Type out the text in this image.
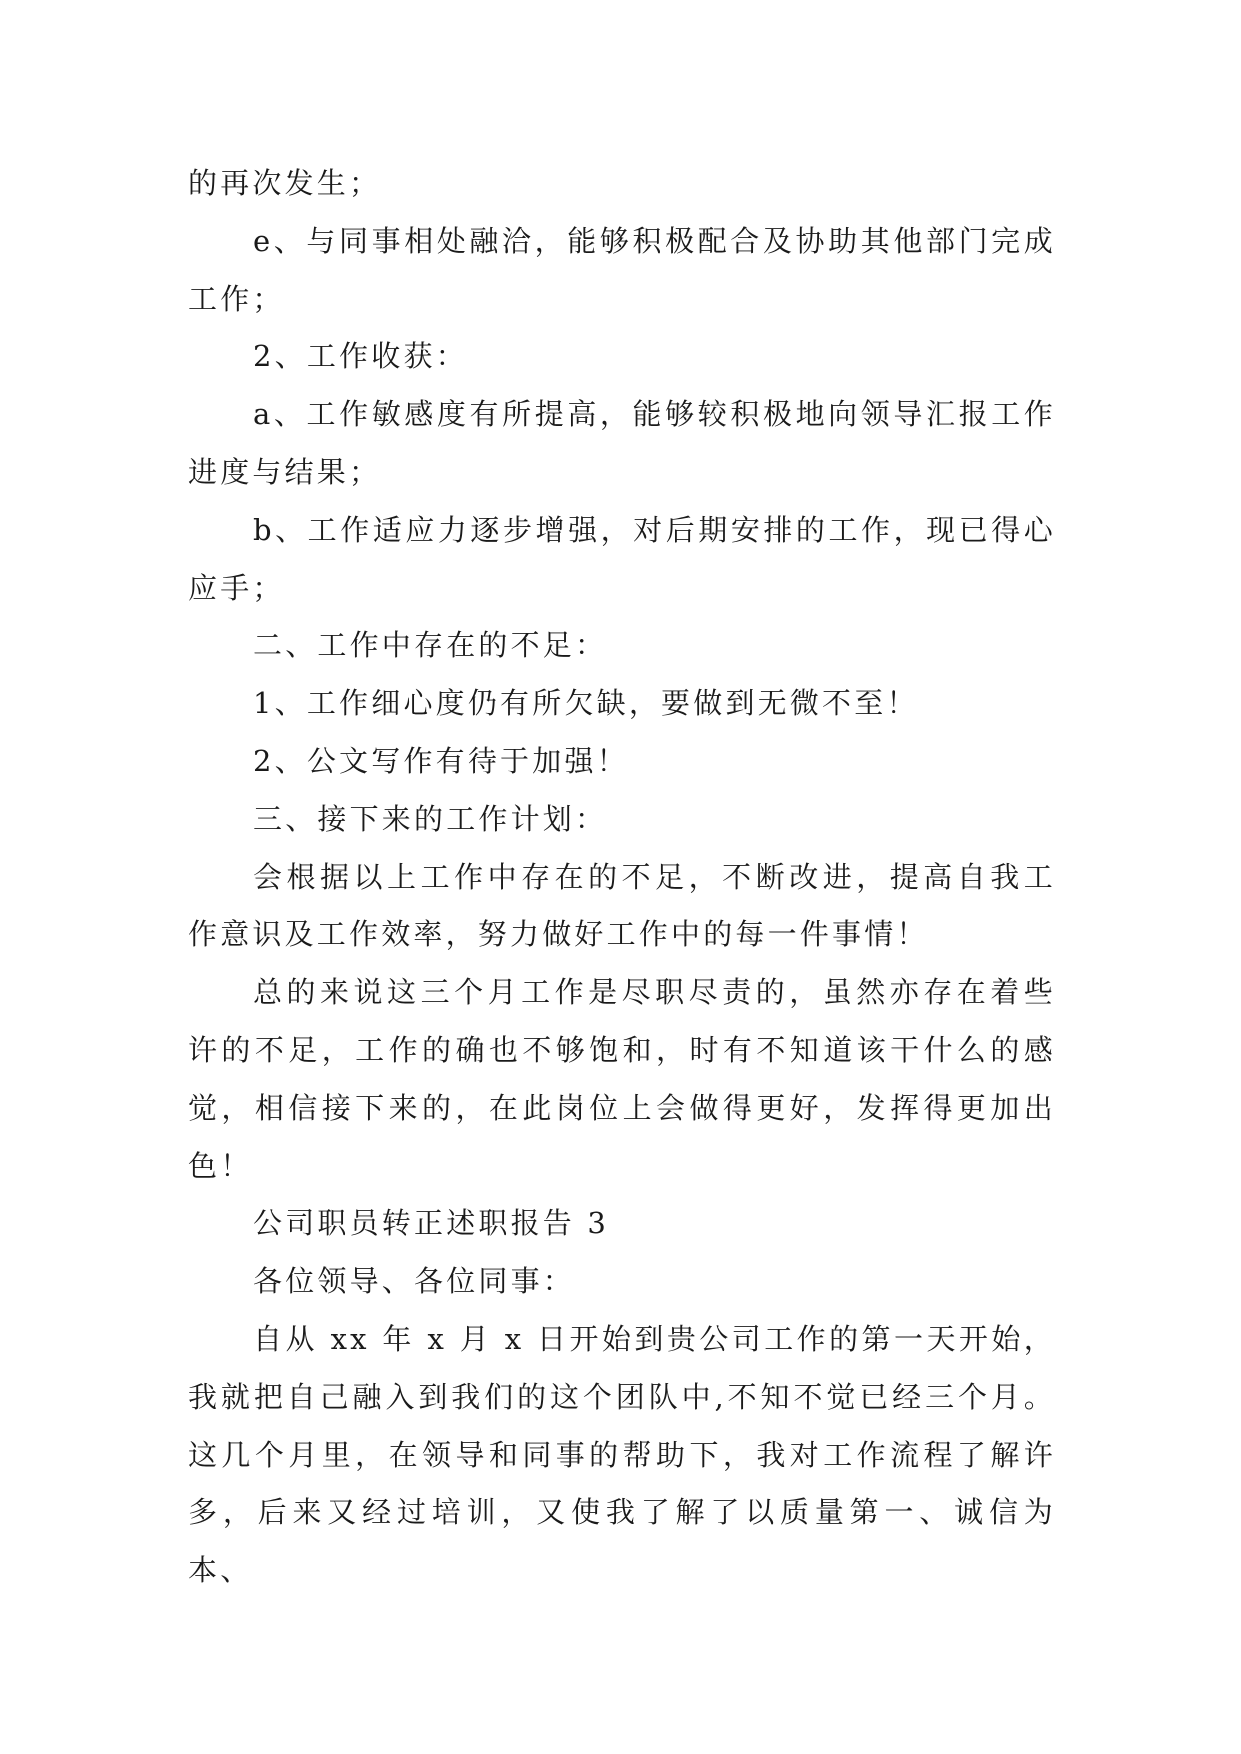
的再次发生；

e、与同事相处融洽，能够积极配合及协助其他部门完成工作；

2、工作收获：

a、工作敏感度有所提高，能够较积极地向领导汇报工作进度与结果；

b、工作适应力逐步增强，对后期安排的工作，现已得心应手；

二、工作中存在的不足：

1、工作细心度仍有所欠缺，要做到无微不至！

2、公文写作有待于加强！

三、接下来的工作计划：

会根据以上工作中存在的不足，不断改进，提高自我工作意识及工作效率，努力做好工作中的每一件事情！

总的来说这三个月工作是尽职尽责的，虽然亦存在着些许的不足，工作的确也不够饱和，时有不知道该干什么的感觉，相信接下来的，在此岗位上会做得更好，发挥得更加出色！

公司职员转正述职报告 3

各位领导、各位同事：

自从 xx 年 x 月 x 日开始到贵公司工作的第一天开始，我就把自己融入到我们的这个团队中,不知不觉已经三个月。这几个月里，在领导和同事的帮助下，我对工作流程了解许多，后来又经过培训，又使我了解了以质量第一、诚信为本、
